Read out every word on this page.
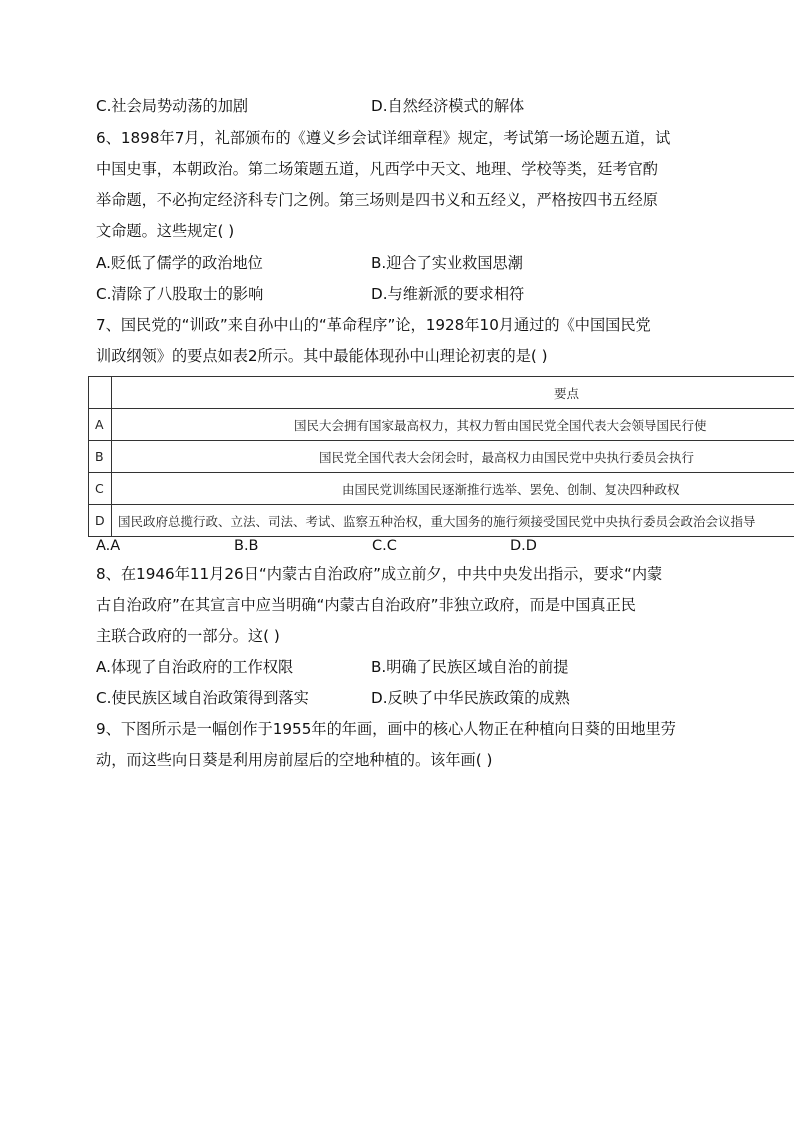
C.社会局势动荡的加剧	D.自然经济模式的解体
6、1898年7月，礼部颁布的《遵义乡会试详细章程》规定，考试第一场论题五道，试
中国史事，本朝政治。第二场策题五道，凡西学中天文、地理、学校等类，廷考官酌
举命题，不必拘定经济科专门之例。第三场则是四书义和五经义，严格按四书五经原
文命题。这些规定( )
A.贬低了儒学的政治地位	B.迎合了实业救国思潮
C.清除了八股取士的影响	D.与维新派的要求相符
7、国民党的“训政”来自孙中山的“革命程序”论，1928年10月通过的《中国国民党
训政纲领》的要点如表2所示。其中最能体现孙中山理论初衷的是( )
	要点
A	国民大会拥有国家最高权力，其权力暂由国民党全国代表大会领导国民行使
B	国民党全国代表大会闭会时，最高权力由国民党中央执行委员会执行
C	由国民党训练国民逐渐推行选举、罢免、创制、复决四种政权
D	国民政府总揽行政、立法、司法、考试、监察五种治权，重大国务的施行须接受国民党中央执行委员会政治会议指导
A.A	B.B	C.C	D.D
8、在1946年11月26日“内蒙古自治政府”成立前夕，中共中央发出指示，要求“内蒙
古自治政府”在其宣言中应当明确“内蒙古自治政府”非独立政府，而是中国真正民
主联合政府的一部分。这( )
A.体现了自治政府的工作权限	B.明确了民族区域自治的前提
C.使民族区域自治政策得到落实	D.反映了中华民族政策的成熟
9、下图所示是一幅创作于1955年的年画，画中的核心人物正在种植向日葵的田地里劳
动，而这些向日葵是利用房前屋后的空地种植的。该年画( )
